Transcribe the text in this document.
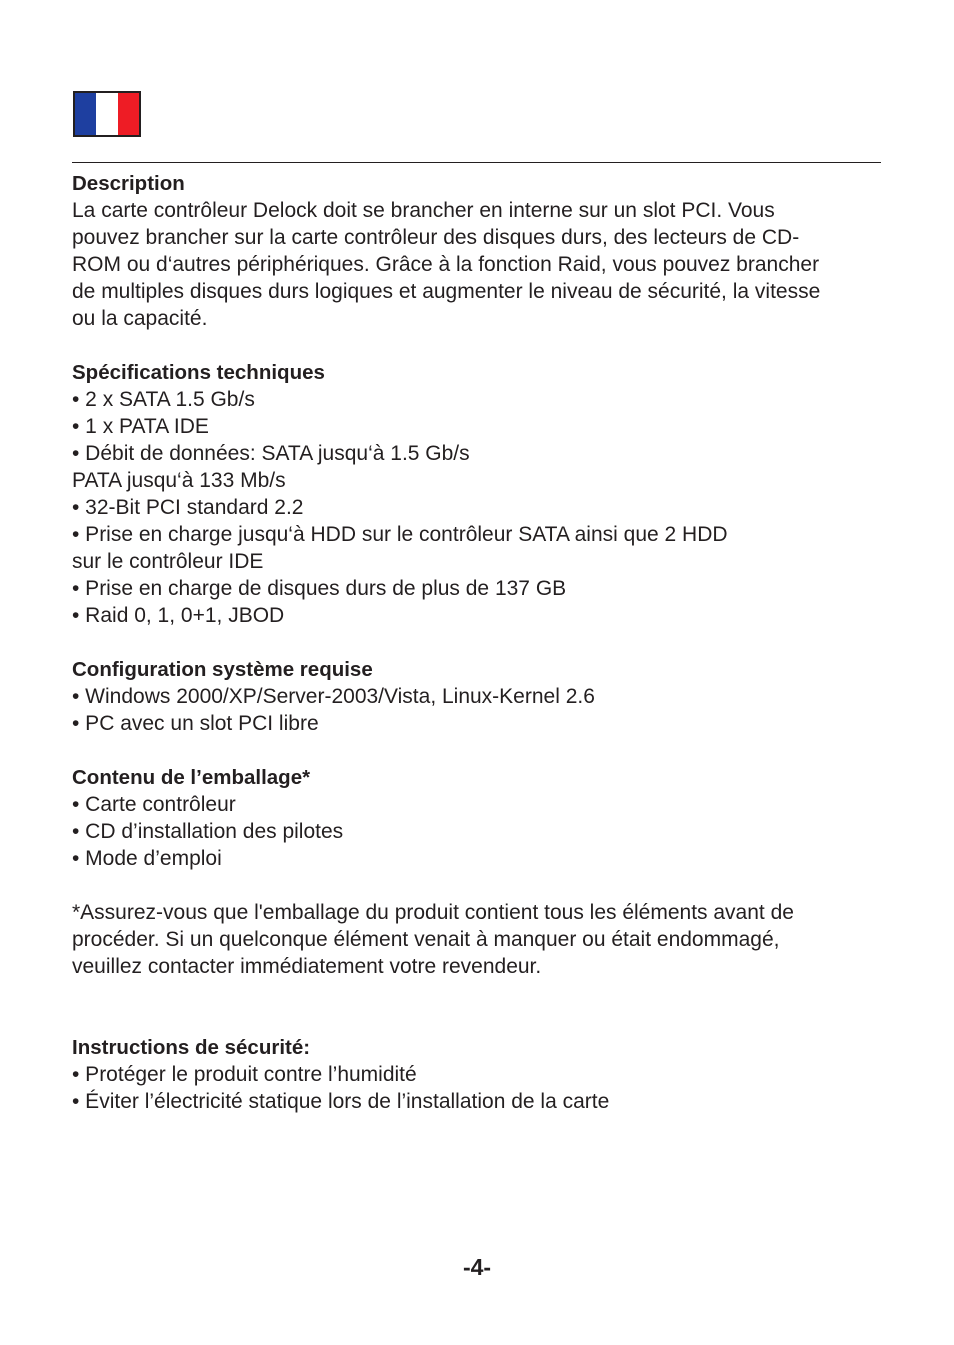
Description

La carte contrôleur Delock doit se brancher en interne sur un slot PCI. Vous

pouvez brancher sur la carte contrôleur des disques durs, des lecteurs de CD-

ROM ou d‘autres périphériques. Grâce à la fonction Raid, vous pouvez brancher

de multiples disques durs logiques et augmenter le niveau de sécurité, la vitesse

ou la capacité.

Spécifications techniques

• 2 x SATA 1.5 Gb/s
• 1 x PATA IDE
• Débit de données: SATA jusqu‘à 1.5 Gb/s
PATA jusqu‘à 133 Mb/s
• 32-Bit PCI standard 2.2
• Prise en charge jusqu‘à HDD sur le contrôleur SATA ainsi que 2 HDD
sur le contrôleur IDE
• Prise en charge de disques durs de plus de 137 GB
• Raid 0, 1, 0+1, JBOD

Configuration système requise

• Windows 2000/XP/Server-2003/Vista, Linux-Kernel 2.6
• PC avec un slot PCI libre

Contenu de l’emballage*

• Carte contrôleur
• CD d’installation des pilotes
• Mode d’emploi

*Assurez-vous que l'emballage du produit contient tous les éléments avant de

procéder. Si un quelconque élément venait à manquer ou était endommagé,

veuillez contacter immédiatement votre revendeur.

Instructions de sécurité:

• Protéger le produit contre l’humidité
• Éviter l’électricité statique lors de l’installation de la carte
-4-
